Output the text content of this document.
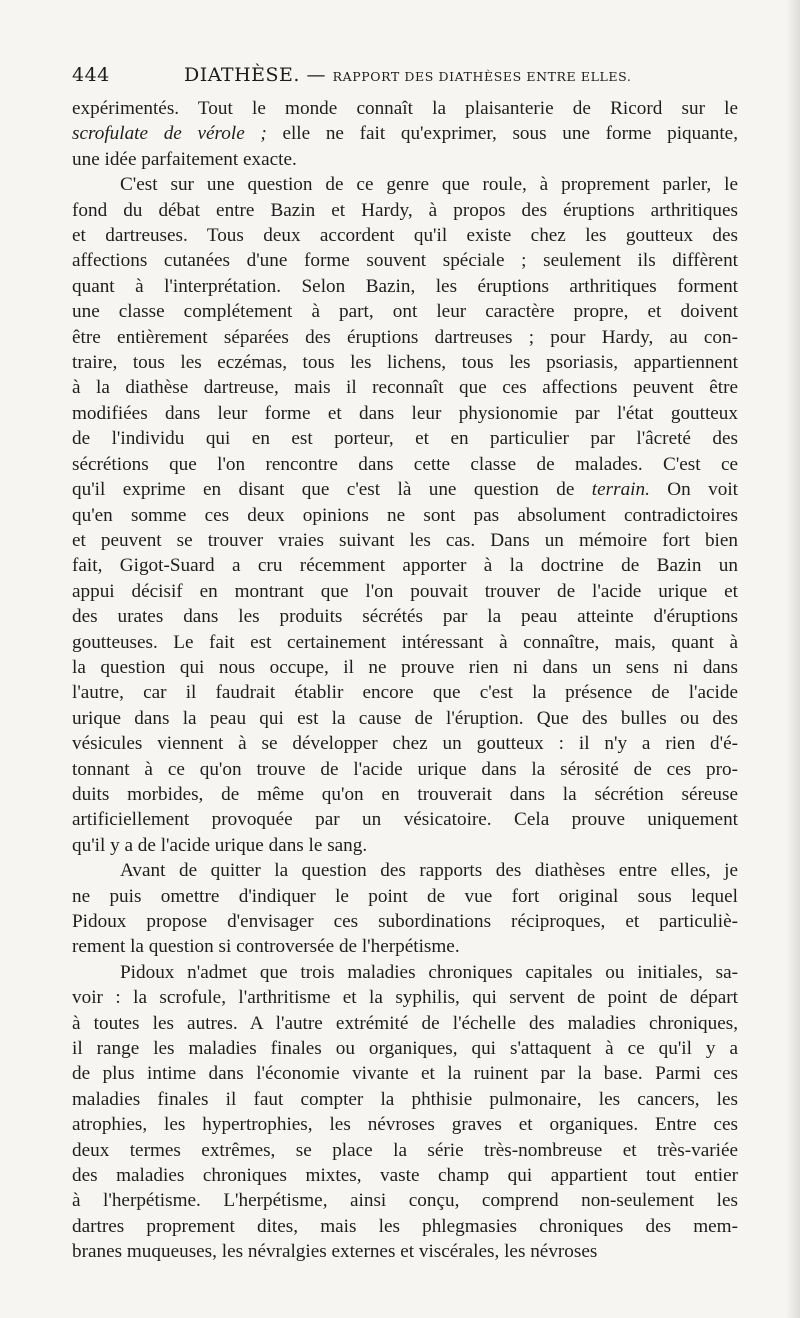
444	DIATHÈSE. — RAPPORT DES DIATHÈSES ENTRE ELLES.

expérimentés. Tout le monde connaît la plaisanterie de Ricord sur le
scrofulate de vérole ; elle ne fait qu'exprimer, sous une forme piquante,
une idée parfaitement exacte.

C'est sur une question de ce genre que roule, à proprement parler, le
fond du débat entre Bazin et Hardy, à propos des éruptions arthritiques
et dartreuses. Tous deux accordent qu'il existe chez les goutteux des
affections cutanées d'une forme souvent spéciale ; seulement ils diffèrent
quant à l'interprétation. Selon Bazin, les éruptions arthritiques forment
une classe complétement à part, ont leur caractère propre, et doivent
être entièrement séparées des éruptions dartreuses ; pour Hardy, au con-
traire, tous les eczémas, tous les lichens, tous les psoriasis, appartiennent
à la diathèse dartreuse, mais il reconnaît que ces affections peuvent être
modifiées dans leur forme et dans leur physionomie par l'état goutteux
de l'individu qui en est porteur, et en particulier par l'âcreté des
sécrétions que l'on rencontre dans cette classe de malades. C'est ce
qu'il exprime en disant que c'est là une question de terrain. On voit
qu'en somme ces deux opinions ne sont pas absolument contradictoires
et peuvent se trouver vraies suivant les cas. Dans un mémoire fort bien
fait, Gigot-Suard a cru récemment apporter à la doctrine de Bazin un
appui décisif en montrant que l'on pouvait trouver de l'acide urique et
des urates dans les produits sécrétés par la peau atteinte d'éruptions
goutteuses. Le fait est certainement intéressant à connaître, mais, quant à
la question qui nous occupe, il ne prouve rien ni dans un sens ni dans
l'autre, car il faudrait établir encore que c'est la présence de l'acide
urique dans la peau qui est la cause de l'éruption. Que des bulles ou des
vésicules viennent à se développer chez un goutteux : il n'y a rien d'é-
tonnant à ce qu'on trouve de l'acide urique dans la sérosité de ces pro-
duits morbides, de même qu'on en trouverait dans la sécrétion séreuse
artificiellement provoquée par un vésicatoire. Cela prouve uniquement
qu'il y a de l'acide urique dans le sang.

Avant de quitter la question des rapports des diathèses entre elles, je
ne puis omettre d'indiquer le point de vue fort original sous lequel
Pidoux propose d'envisager ces subordinations réciproques, et particuliè-
rement la question si controversée de l'herpétisme.

Pidoux n'admet que trois maladies chroniques capitales ou initiales, sa-
voir : la scrofule, l'arthritisme et la syphilis, qui servent de point de départ
à toutes les autres. A l'autre extrémité de l'échelle des maladies chroniques,
il range les maladies finales ou organiques, qui s'attaquent à ce qu'il y a
de plus intime dans l'économie vivante et la ruinent par la base. Parmi ces
maladies finales il faut compter la phthisie pulmonaire, les cancers, les
atrophies, les hypertrophies, les névroses graves et organiques. Entre ces
deux termes extrêmes, se place la série très-nombreuse et très-variée
des maladies chroniques mixtes, vaste champ qui appartient tout entier
à l'herpétisme. L'herpétisme, ainsi conçu, comprend non-seulement les
dartres proprement dites, mais les phlegmasies chroniques des mem-
branes muqueuses, les névralgies externes et viscérales, les névroses
